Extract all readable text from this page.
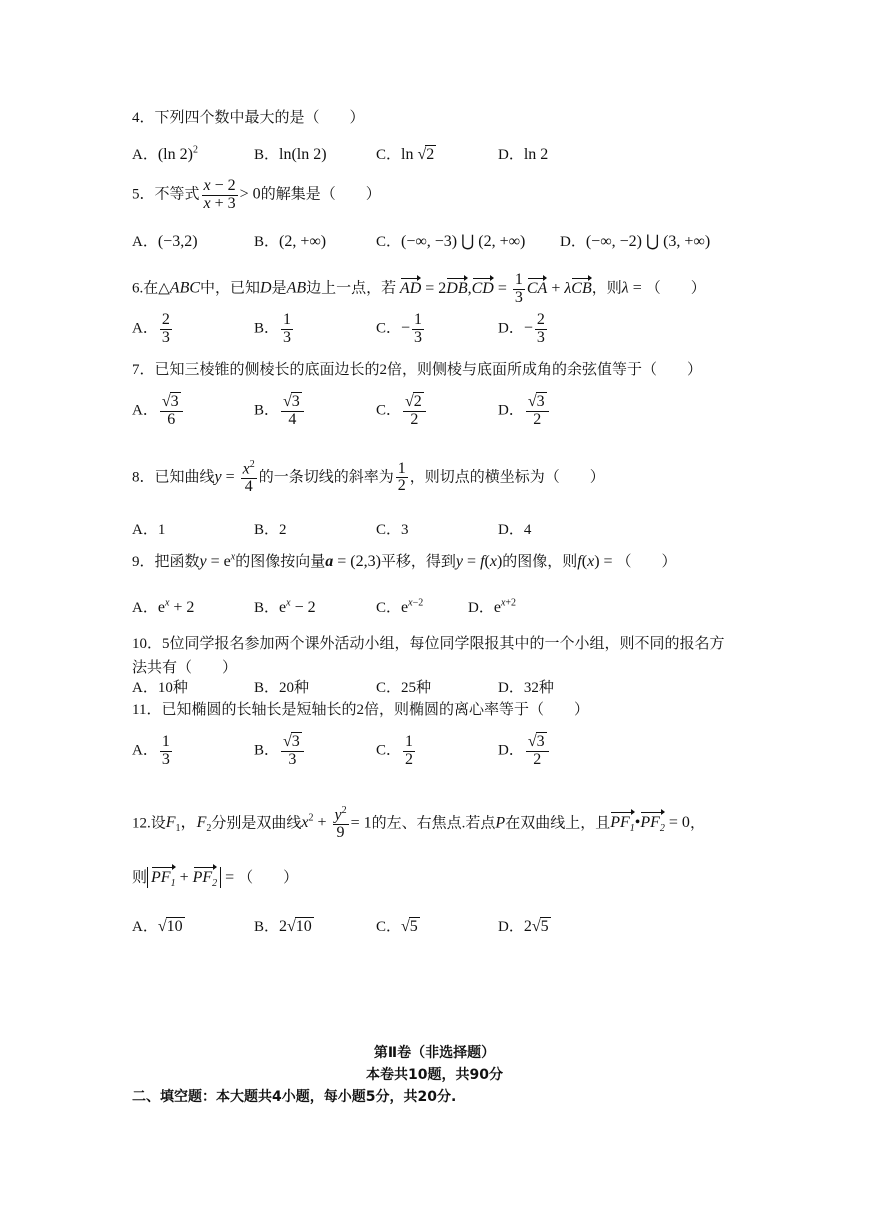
4．下列四个数中最大的是（　　）
A．(ln 2)$^2$	B．ln(ln 2)	C．ln √2	D．ln 2
5．不等式 $\frac{x - 2}{x + 3} > 0$的解集是（　　）
A．(−3,2)	B．(2, +∞)	C．(−∞, −3) ⋃ (2, +∞) D．(−∞, −2) ⋃ (3, +∞)
6.在△ABC中，已知D是AB边上一点，若 AD = $2DB,CD = \frac{1}{3}$ CA + λCB，则λ = （　　）
A． $\frac{2}{3}$	B． $\frac{1}{3}$	C．− $\frac{1}{3}$	D．− $\frac{2}{3}$
7．已知三棱锥的侧棱长的底面边长的2倍，则侧棱与底面所成角的余弦值等于（　　）
A． $\frac{√3}{6}$	B． $\frac{√3}{4}$	C． $\frac{√2}{2}$	D． $\frac{√3}{2}$
8．已知曲线$y = \frac{x^2}{4}$ 的一条切线的斜率为 $\frac{1}{2}$ ，则切点的横坐标为（　　）
A．1	B．2	C．3	D．4
9．把函数$y = e^x$的图像按向量a = (2,3)平移，得到y = f(x)的图像，则f(x) = （　　）
A．$e^x + 2$	B．$e^x - 2$	C．$e^{x-2}$	D．$e^{x+2}$
10．5位同学报名参加两个课外活动小组，每位同学限报其中的一个小组，则不同的报名方
法共有（　　）
A．10种	B．20种	C．25种	D．32种
11．已知椭圆的长轴长是短轴长的2倍，则椭圆的离心率等于（　　）
A． $\frac{1}{3}$	B． $\frac{√3}{3}$	C． $\frac{1}{2}$	D． $\frac{√3}{2}$
12.设$F_1$，$F_2$分别是双曲线$x^2 + \frac{y^2}{9} = 1$的左、右焦点.若点P在双曲线上，且$PF_1•PF_2 = 0$，
则 $PF_1 + PF_2$ = （　　）
A．√10	B．2√10	C．√5	D．2√5
第Ⅱ卷（非选择题）
本卷共10题，共90分
二、填空题：本大题共4小题，每小题5分，共20分.
